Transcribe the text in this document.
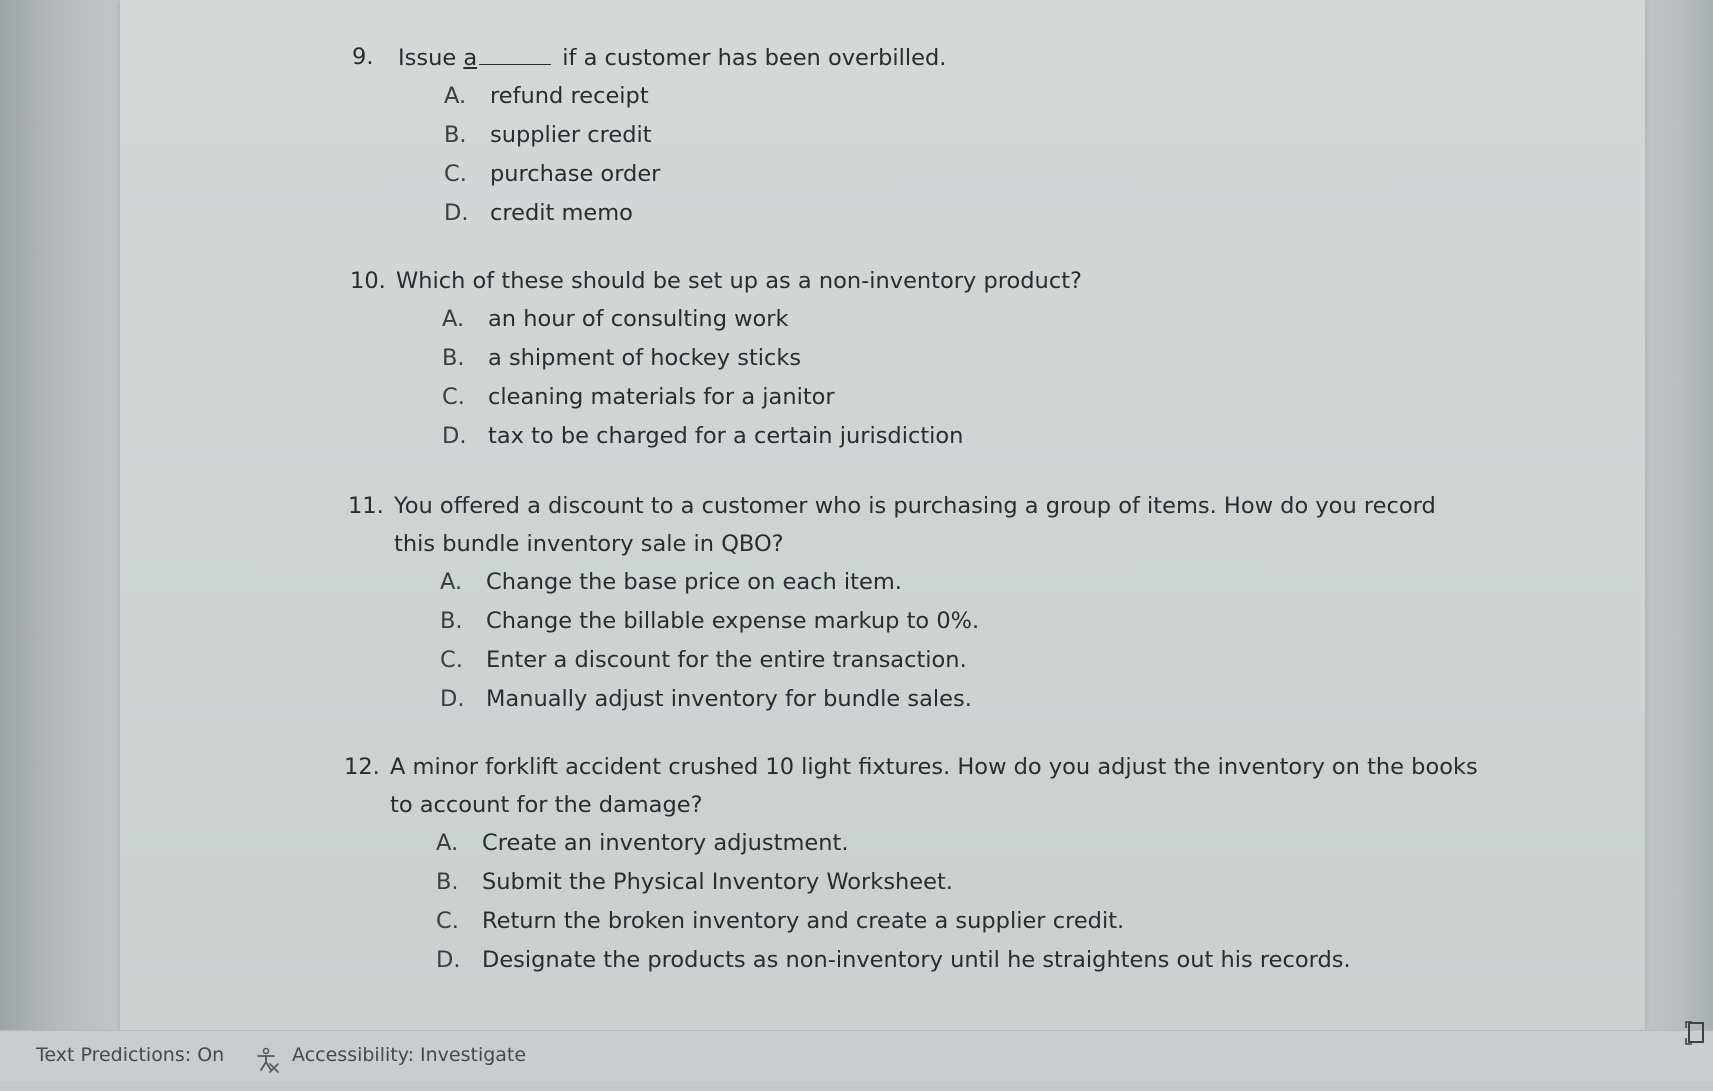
9.	Issue a	if a customer has been overbilled.
A.	refund receipt
B.	supplier credit
C.	purchase order
D. credit memo
10. Which of these should be set up as a non-inventory product?
A.	an hour of consulting work
B.	a shipment of hockey sticks
C.	cleaning materials for a janitor
D. tax to be charged for a certain jurisdiction
11. You offered a discount to a customer who is purchasing a group of items. How do you record
this bundle inventory sale in QBO?
A.	Change the base price on each item.
B.	Change the billable expense markup to 0%.
C.	Enter a discount for the entire transaction.
D. Manually adjust inventory for bundle sales.
12. A minor forklift accident crushed 10 light fixtures. How do you adjust the inventory on the books
to account for the damage?
A.	Create an inventory adjustment.
B.	Submit the Physical Inventory Worksheet.
C.	Return the broken inventory and create a supplier credit.
D. Designate the products as non-inventory until he straightens out his records.
Text Predictions: On	Accessibility: Investigate
